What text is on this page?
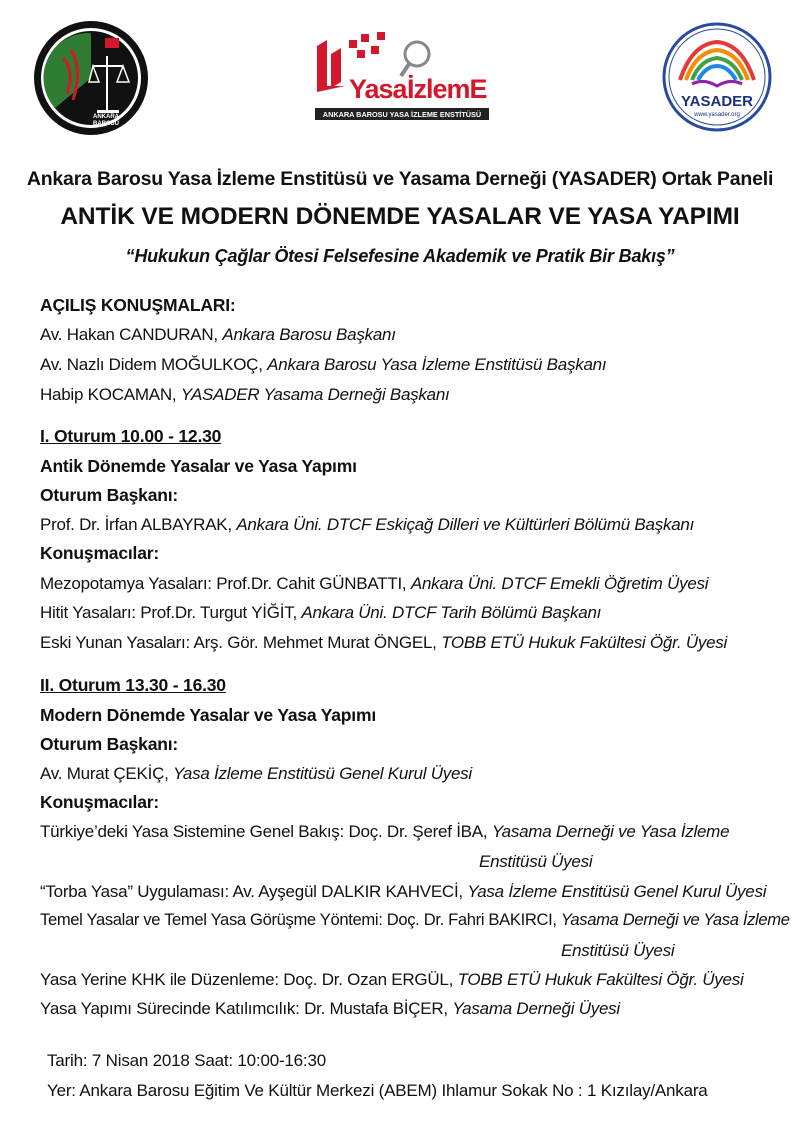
ANKARA
BAROSU
Yasa İzlemE
ANKARA BAROSU YASA İZLEME ENSTİTÜSÜ
YASADER
www.yasader.org
Ankara Barosu Yasa İzleme Enstitüsü ve Yasama Derneği (YASADER) Ortak Paneli
ANTİK VE MODERN DÖNEMDE YASALAR VE YASA YAPIMI
“Hukukun Çağlar Ötesi Felsefesine Akademik ve Pratik Bir Bakış”
AÇILIŞ KONUŞMALARI:
Av. Hakan CANDURAN, Ankara Barosu Başkanı
Av. Nazlı Didem MOĞULKOÇ, Ankara Barosu Yasa İzleme Enstitüsü Başkanı
Habip KOCAMAN, YASADER Yasama Derneği Başkanı
I. Oturum 10.00 - 12.30
Antik Dönemde Yasalar ve Yasa Yapımı
Oturum Başkanı:
Prof. Dr. İrfan ALBAYRAK, Ankara Üni. DTCF Eskiçağ Dilleri ve Kültürleri Bölümü Başkanı
Konuşmacılar:
Mezopotamya Yasaları: Prof.Dr. Cahit GÜNBATTI, Ankara Üni. DTCF Emekli Öğretim Üyesi
Hitit Yasaları: Prof.Dr. Turgut YİĞİT, Ankara Üni. DTCF Tarih Bölümü Başkanı
Eski Yunan Yasaları: Arş. Gör. Mehmet Murat ÖNGEL, TOBB ETÜ Hukuk Fakültesi Öğr. Üyesi
II. Oturum 13.30 - 16.30
Modern Dönemde Yasalar ve Yasa Yapımı
Oturum Başkanı:
Av. Murat ÇEKİÇ, Yasa İzleme Enstitüsü Genel Kurul Üyesi
Konuşmacılar:
Türkiye’deki Yasa Sistemine Genel Bakış: Doç. Dr. Şeref İBA, Yasama Derneği ve Yasa İzleme
Enstitüsü Üyesi
“Torba Yasa” Uygulaması: Av. Ayşegül DALKIR KAHVECİ, Yasa İzleme Enstitüsü Genel Kurul Üyesi
Temel Yasalar ve Temel Yasa Görüşme Yöntemi: Doç. Dr. Fahri BAKIRCI, Yasama Derneği ve Yasa İzleme
Enstitüsü Üyesi
Yasa Yerine KHK ile Düzenleme: Doç. Dr. Ozan ERGÜL, TOBB ETÜ Hukuk Fakültesi Öğr. Üyesi
Yasa Yapımı Sürecinde Katılımcılık: Dr. Mustafa BİÇER, Yasama Derneği Üyesi
Tarih: 7 Nisan 2018 Saat: 10:00-16:30
Yer: Ankara Barosu Eğitim Ve Kültür Merkezi (ABEM) Ihlamur Sokak No : 1 Kızılay/Ankara
